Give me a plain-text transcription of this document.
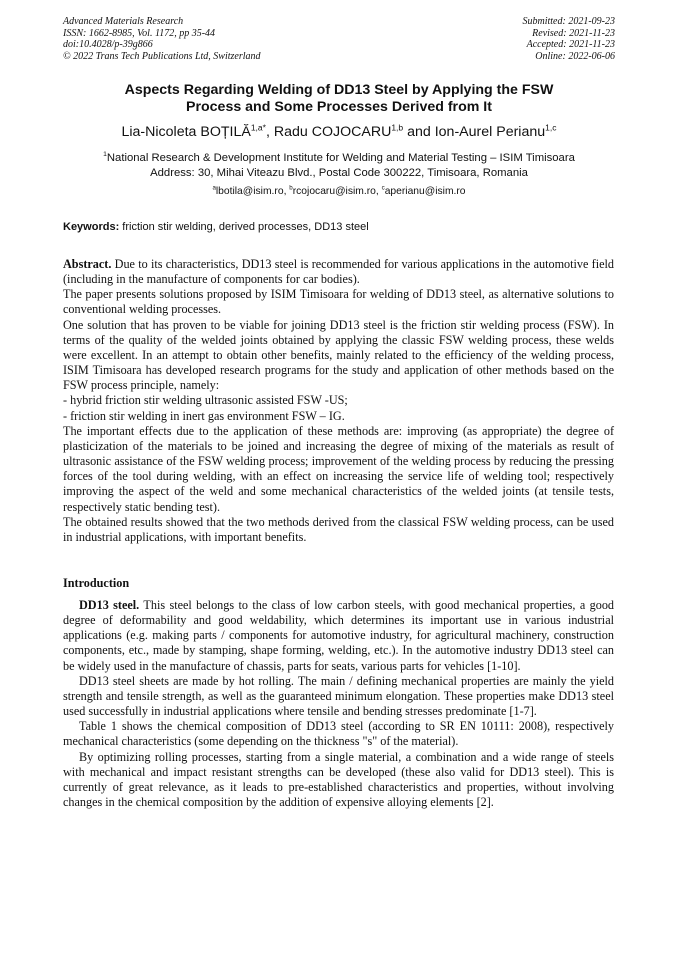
Advanced Materials Research
ISSN: 1662-8985, Vol. 1172, pp 35-44
doi:10.4028/p-39g866
© 2022 Trans Tech Publications Ltd, Switzerland
Submitted: 2021-09-23
Revised: 2021-11-23
Accepted: 2021-11-23
Online: 2022-06-06
Aspects Regarding Welding of DD13 Steel by Applying the FSW
Process and Some Processes Derived from It
Lia-Nicoleta $BOȚILĂ^{1,a*}$, Radu COJOCARU$^{1,b}$ and Ion-Aurel Perianu$^{1,c}$
$^1$National Research & Development Institute for Welding and Material Testing – ISIM Timisoara
Address: 30, Mihai Viteazu Blvd., Postal Code 300222, Timisoara, Romania
$^a$lbotila@isim.ro, $^b$rcojocaru@isim.ro, $^c$aperianu@isim.ro
Keywords: friction stir welding, derived processes, DD13 steel

Abstract. Due to its characteristics, DD13 steel is recommended for various applications in the automotive field (including in the manufacture of components for car bodies).

The paper presents solutions proposed by ISIM Timisoara for welding of DD13 steel, as alternative solutions to conventional welding processes.

One solution that has proven to be viable for joining DD13 steel is the friction stir welding process (FSW). In terms of the quality of the welded joints obtained by applying the classic FSW welding process, these welds were excellent. In an attempt to obtain other benefits, mainly related to the efficiency of the welding process, ISIM Timisoara has developed research programs for the study and application of other methods based on the FSW process principle, namely:

- hybrid friction stir welding ultrasonic assisted FSW -US;

- friction stir welding in inert gas environment FSW – IG.

The important effects due to the application of these methods are: improving (as appropriate) the degree of plasticization of the materials to be joined and increasing the degree of mixing of the materials as result of ultrasonic assistance of the FSW welding process; improvement of the welding process by reducing the pressing forces of the tool during welding, with an effect on increasing the service life of welding tool; respectively improving the aspect of the weld and some mechanical characteristics of the welded joints (at tensile tests, respectively static bending test).

The obtained results showed that the two methods derived from the classical FSW welding process, can be used in industrial applications, with important benefits.

Introduction

DD13 steel. This steel belongs to the class of low carbon steels, with good mechanical properties, a good degree of deformability and good weldability, which determines its important use in various industrial applications (e.g. making parts / components for automotive industry, for agricultural machinery, construction components, etc., made by stamping, shape forming, welding, etc.). In the automotive industry DD13 steel can be widely used in the manufacture of chassis, parts for seats, various parts for vehicles [1-10].

DD13 steel sheets are made by hot rolling. The main / defining mechanical properties are mainly the yield strength and tensile strength, as well as the guaranteed minimum elongation. These properties make DD13 steel used successfully in industrial applications where tensile and bending stresses predominate [1-7].

Table 1 shows the chemical composition of DD13 steel (according to SR EN 10111: 2008), respectively mechanical characteristics (some depending on the thickness "s" of the material).

By optimizing rolling processes, starting from a single material, a combination and a wide range of steels with mechanical and impact resistant strengths can be developed (these also valid for DD13 steel). This is currently of great relevance, as it leads to pre-established characteristics and properties, without involving changes in the chemical composition by the addition of expensive alloying elements [2].
